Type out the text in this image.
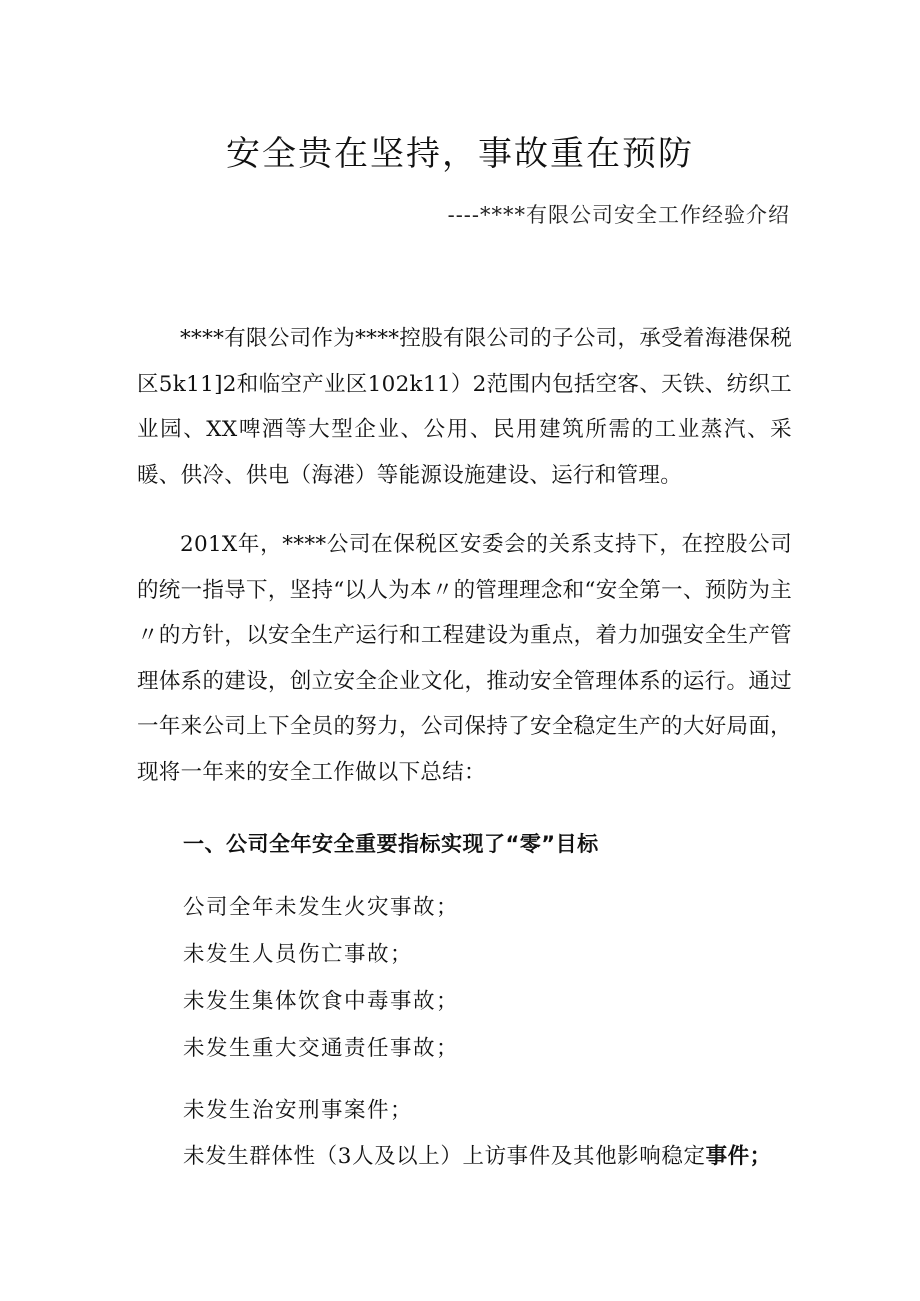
安全贵在坚持，事故重在预防
----****有限公司安全工作经验介绍

****有限公司作为****控股有限公司的子公司，承受着海港保税区5k11]2和临空产业区102k11）2范围内包括空客、天铁、纺织工业园、XX啤酒等大型企业、公用、民用建筑所需的工业蒸汽、采暖、供冷、供电（海港）等能源设施建设、运行和管理。

201X年，****公司在保税区安委会的关系支持下，在控股公司的统一指导下，坚持“以人为本〃的管理理念和“安全第一、预防为主〃的方针，以安全生产运行和工程建设为重点，着力加强安全生产管理体系的建设，创立安全企业文化，推动安全管理体系的运行。通过一年来公司上下全员的努力，公司保持了安全稳定生产的大好局面，现将一年来的安全工作做以下总结：

一、公司全年安全重要指标实现了“零”目标
公司全年未发生火灾事故；
未发生人员伤亡事故；
未发生集体饮食中毒事故；
未发生重大交通责任事故；
未发生治安刑事案件；
未发生群体性（3人及以上）上访事件及其他影响稳定事件；
